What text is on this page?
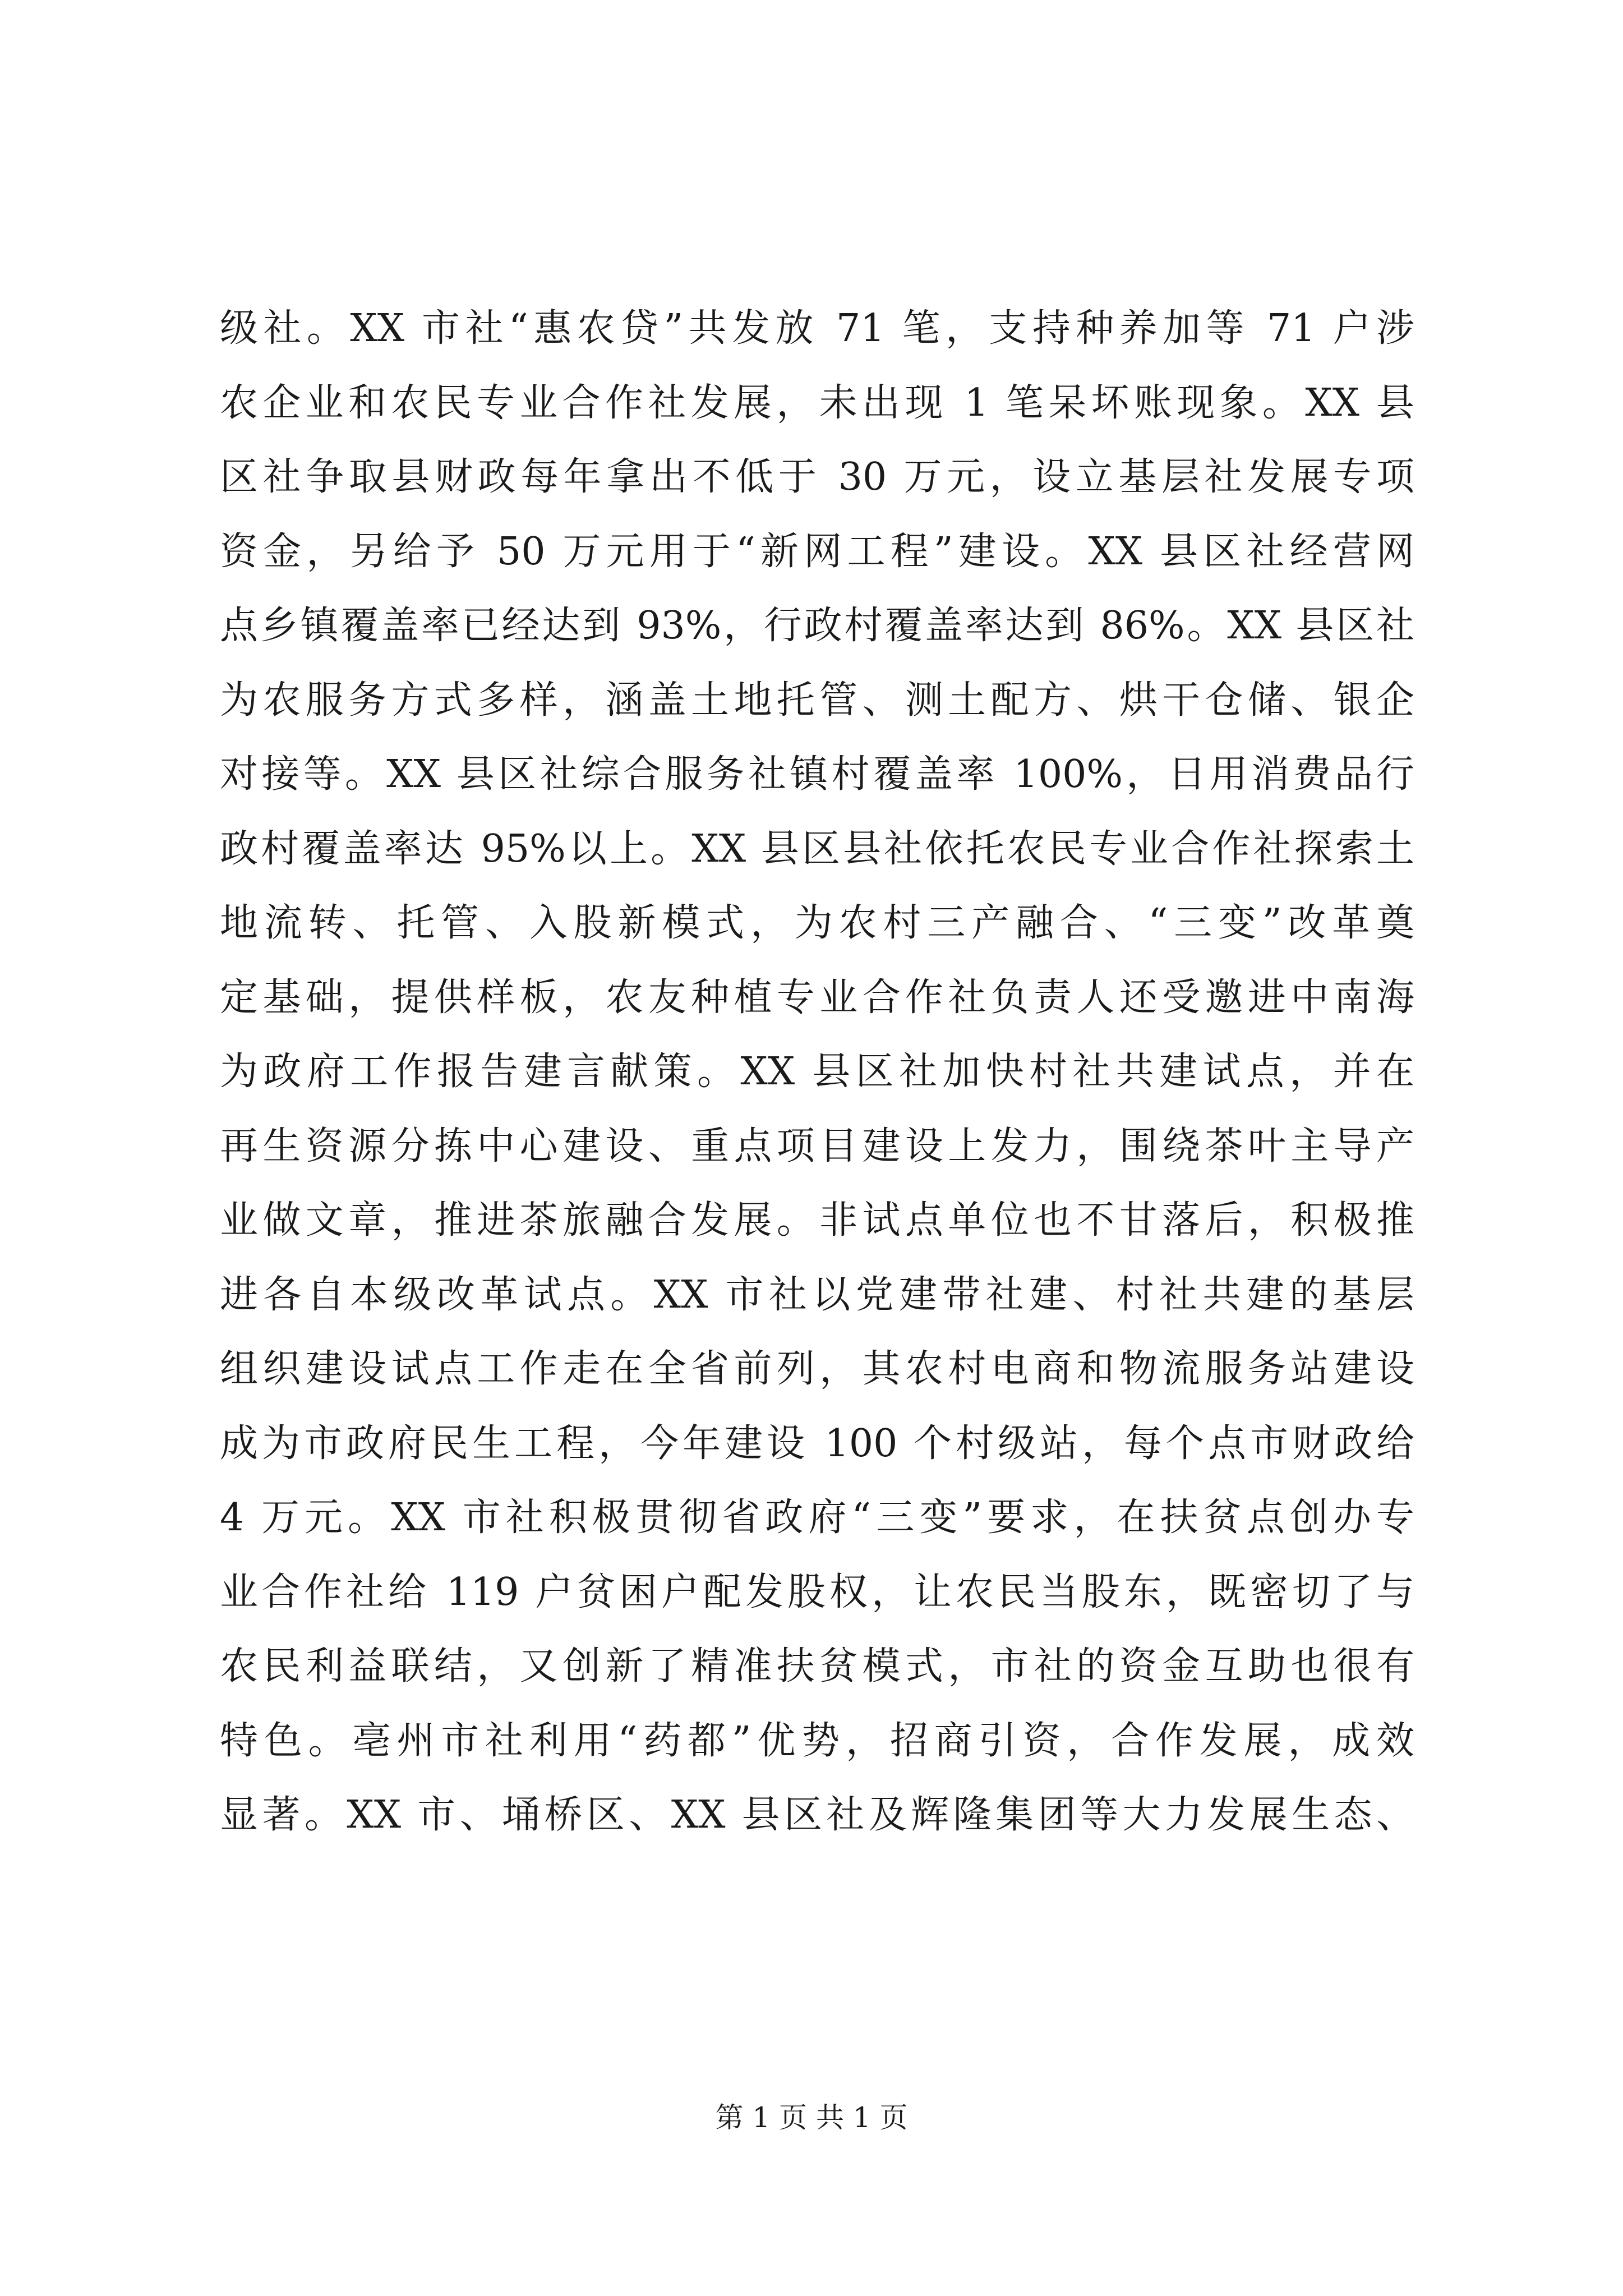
级社。XX 市社“惠农贷”共发放 71 笔，支持种养加等 71 户涉
农企业和农民专业合作社发展，未出现 1 笔呆坏账现象。XX 县
区社争取县财政每年拿出不低于 30 万元，设立基层社发展专项
资金，另给予 50 万元用于“新网工程”建设。XX 县区社经营网
点乡镇覆盖率已经达到 93%，行政村覆盖率达到 86%。XX 县区社
为农服务方式多样，涵盖土地托管、测土配方、烘干仓储、银企
对接等。XX 县区社综合服务社镇村覆盖率 100%，日用消费品行
政村覆盖率达 95%以上。XX 县区县社依托农民专业合作社探索土
地流转、托管、入股新模式，为农村三产融合、“三变”改革奠
定基础，提供样板，农友种植专业合作社负责人还受邀进中南海
为政府工作报告建言献策。XX 县区社加快村社共建试点，并在
再生资源分拣中心建设、重点项目建设上发力，围绕茶叶主导产
业做文章，推进茶旅融合发展。非试点单位也不甘落后，积极推
进各自本级改革试点。XX 市社以党建带社建、村社共建的基层
组织建设试点工作走在全省前列，其农村电商和物流服务站建设
成为市政府民生工程，今年建设 100 个村级站，每个点市财政给
4 万元。XX 市社积极贯彻省政府“三变”要求，在扶贫点创办专
业合作社给 119 户贫困户配发股权，让农民当股东，既密切了与
农民利益联结，又创新了精准扶贫模式，市社的资金互助也很有
特色。亳州市社利用“药都”优势，招商引资，合作发展，成效
显著。XX 市、埇桥区、XX 县区社及辉隆集团等大力发展生态、
第 1 页 共 1 页
